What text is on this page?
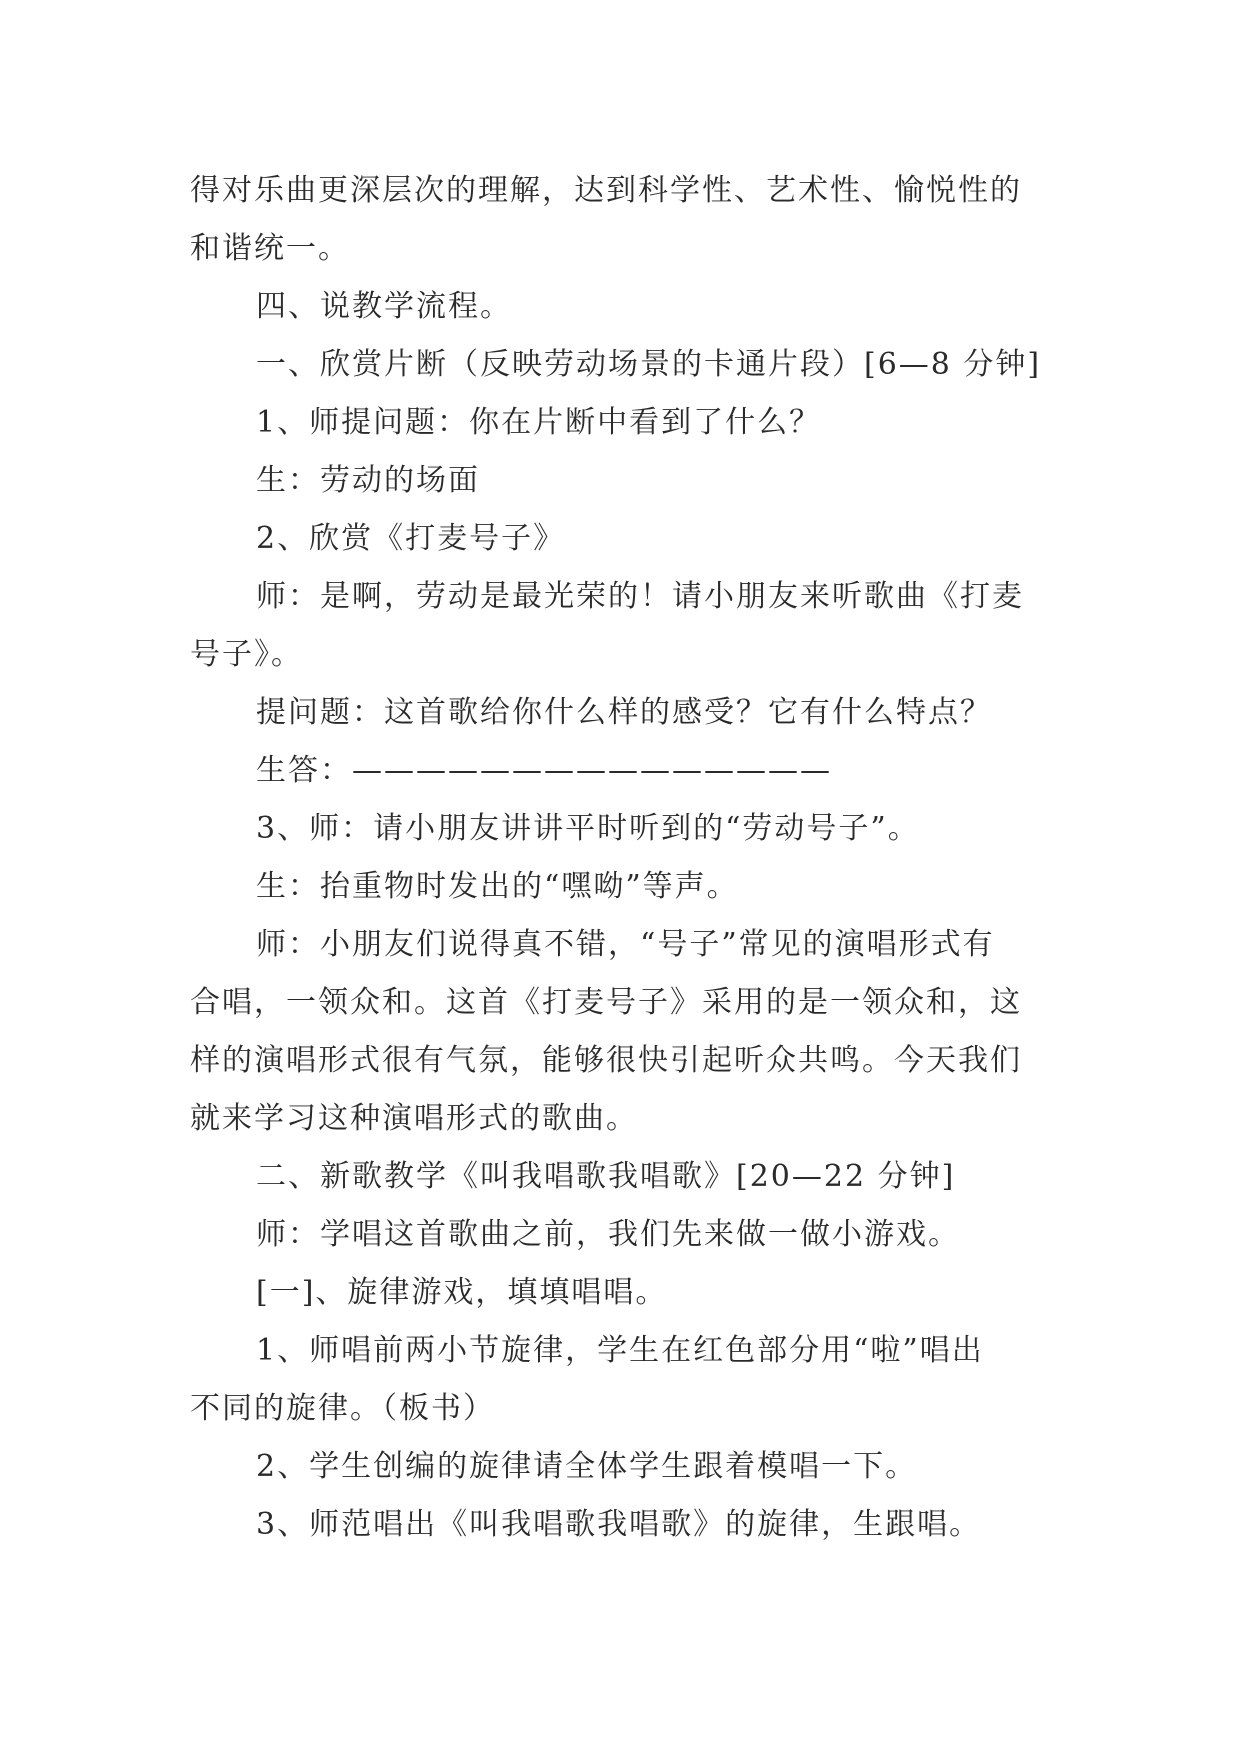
得对乐曲更深层次的理解，达到科学性、艺术性、愉悦性的
和谐统一。
四、说教学流程。
一、欣赏片断（反映劳动场景的卡通片段）[6—8 分钟]
1、师提问题：你在片断中看到了什么？
生：劳动的场面
2、欣赏《打麦号子》
师：是啊，劳动是最光荣的！请小朋友来听歌曲《打麦
号子》。
提问题：这首歌给你什么样的感受？它有什么特点？
生答：———————————————
3、师：请小朋友讲讲平时听到的“劳动号子”。
生：抬重物时发出的“嘿呦”等声。
师：小朋友们说得真不错，“号子”常见的演唱形式有
合唱，一领众和。这首《打麦号子》采用的是一领众和，这
样的演唱形式很有气氛，能够很快引起听众共鸣。今天我们
就来学习这种演唱形式的歌曲。
二、新歌教学《叫我唱歌我唱歌》[20—22 分钟]
师：学唱这首歌曲之前，我们先来做一做小游戏。
[一]、旋律游戏，填填唱唱。
1、师唱前两小节旋律，学生在红色部分用“啦”唱出
不同的旋律。（板书）
2、学生创编的旋律请全体学生跟着模唱一下。
3、师范唱出《叫我唱歌我唱歌》的旋律，生跟唱。
